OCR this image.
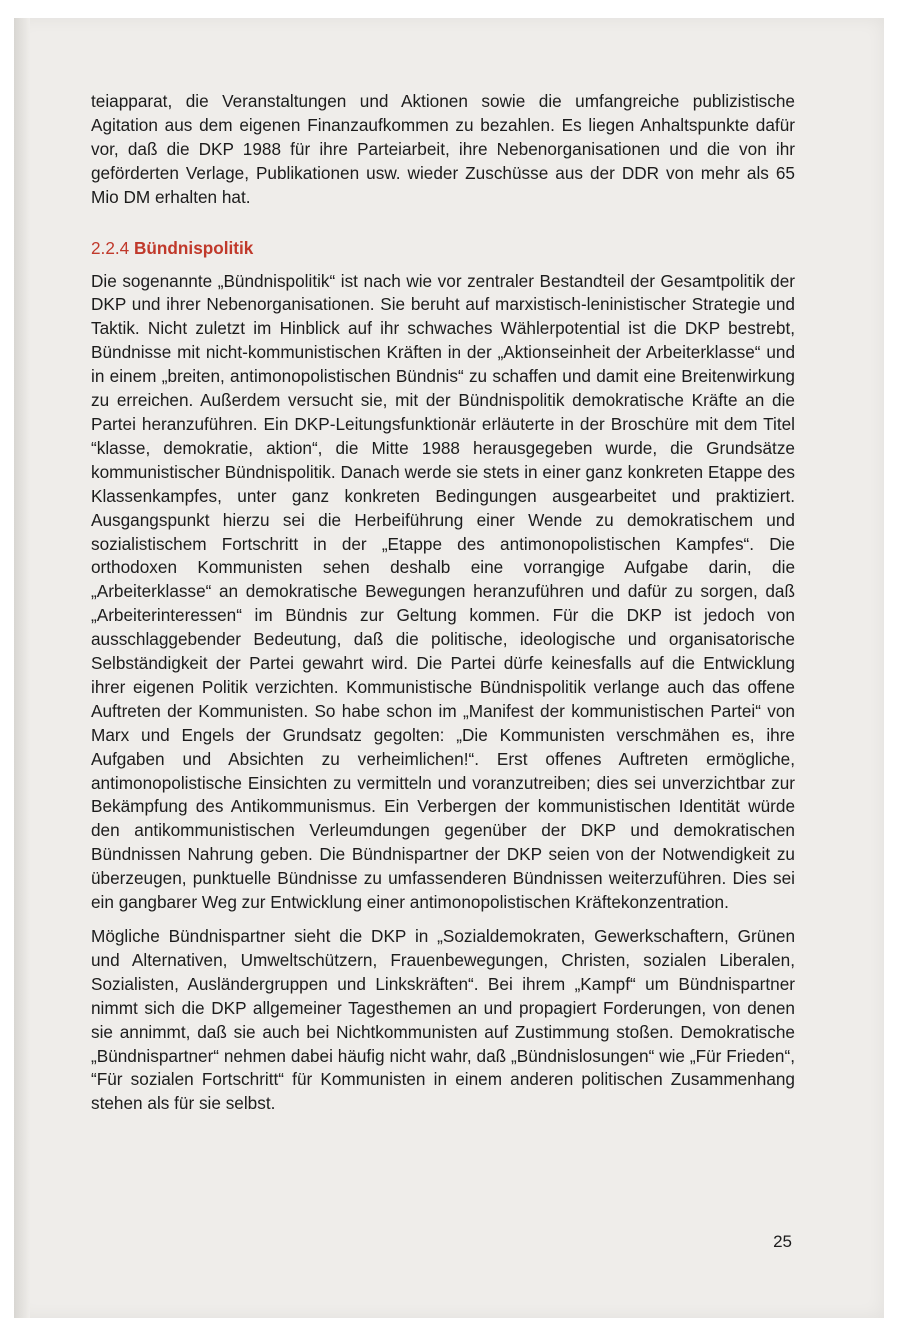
teiapparat, die Veranstaltungen und Aktionen sowie die umfangreiche publizistische Agitation aus dem eigenen Finanzaufkommen zu bezahlen. Es liegen Anhaltspunkte dafür vor, daß die DKP 1988 für ihre Parteiarbeit, ihre Nebenorganisationen und die von ihr geförderten Verlage, Publikationen usw. wieder Zuschüsse aus der DDR von mehr als 65 Mio DM erhalten hat.

2.2.4 Bündnispolitik

Die sogenannte „Bündnispolitik“ ist nach wie vor zentraler Bestandteil der Gesamtpolitik der DKP und ihrer Nebenorganisationen. Sie beruht auf marxistisch-leninistischer Strategie und Taktik. Nicht zuletzt im Hinblick auf ihr schwaches Wählerpotential ist die DKP bestrebt, Bündnisse mit nicht-kommunistischen Kräften in der „Aktionseinheit der Arbeiterklasse“ und in einem „breiten, antimonopolistischen Bündnis“ zu schaffen und damit eine Breitenwirkung zu erreichen. Außerdem versucht sie, mit der Bündnispolitik demokratische Kräfte an die Partei heranzuführen. Ein DKP-Leitungsfunktionär erläuterte in der Broschüre mit dem Titel “klasse, demokratie, aktion“, die Mitte 1988 herausgegeben wurde, die Grundsätze kommunistischer Bündnispolitik. Danach werde sie stets in einer ganz konkreten Etappe des Klassenkampfes, unter ganz konkreten Bedingungen ausgearbeitet und praktiziert. Ausgangspunkt hierzu sei die Herbeiführung einer Wende zu demokratischem und sozialistischem Fortschritt in der „Etappe des antimonopolistischen Kampfes“. Die orthodoxen Kommunisten sehen deshalb eine vorrangige Aufgabe darin, die „Arbeiterklasse“ an demokratische Bewegungen heranzuführen und dafür zu sorgen, daß „Arbeiterinteressen“ im Bündnis zur Geltung kommen. Für die DKP ist jedoch von ausschlaggebender Bedeutung, daß die politische, ideologische und organisatorische Selbständigkeit der Partei gewahrt wird. Die Partei dürfe keinesfalls auf die Entwicklung ihrer eigenen Politik verzichten. Kommunistische Bündnispolitik verlange auch das offene Auftreten der Kommunisten. So habe schon im „Manifest der kommunistischen Partei“ von Marx und Engels der Grundsatz gegolten: „Die Kommunisten verschmähen es, ihre Aufgaben und Absichten zu verheimlichen!“. Erst offenes Auftreten ermögliche, antimonopolistische Einsichten zu vermitteln und voranzutreiben; dies sei unverzichtbar zur Bekämpfung des Antikommunismus. Ein Verbergen der kommunistischen Identität würde den antikommunistischen Verleumdungen gegenüber der DKP und demokratischen Bündnissen Nahrung geben. Die Bündnispartner der DKP seien von der Notwendigkeit zu überzeugen, punktuelle Bündnisse zu umfassenderen Bündnissen weiterzuführen. Dies sei ein gangbarer Weg zur Entwicklung einer antimonopolistischen Kräftekonzentration.

Mögliche Bündnispartner sieht die DKP in „Sozialdemokraten, Gewerkschaftern, Grünen und Alternativen, Umweltschützern, Frauenbewegungen, Christen, sozialen Liberalen, Sozialisten, Ausländergruppen und Linkskräften“. Bei ihrem „Kampf“ um Bündnispartner nimmt sich die DKP allgemeiner Tagesthemen an und propagiert Forderungen, von denen sie annimmt, daß sie auch bei Nichtkommunisten auf Zustimmung stoßen. Demokratische „Bündnispartner“ nehmen dabei häufig nicht wahr, daß „Bündnislosungen“ wie „Für Frieden“, “Für sozialen Fortschritt“ für Kommunisten in einem anderen politischen Zusammenhang stehen als für sie selbst.

25
